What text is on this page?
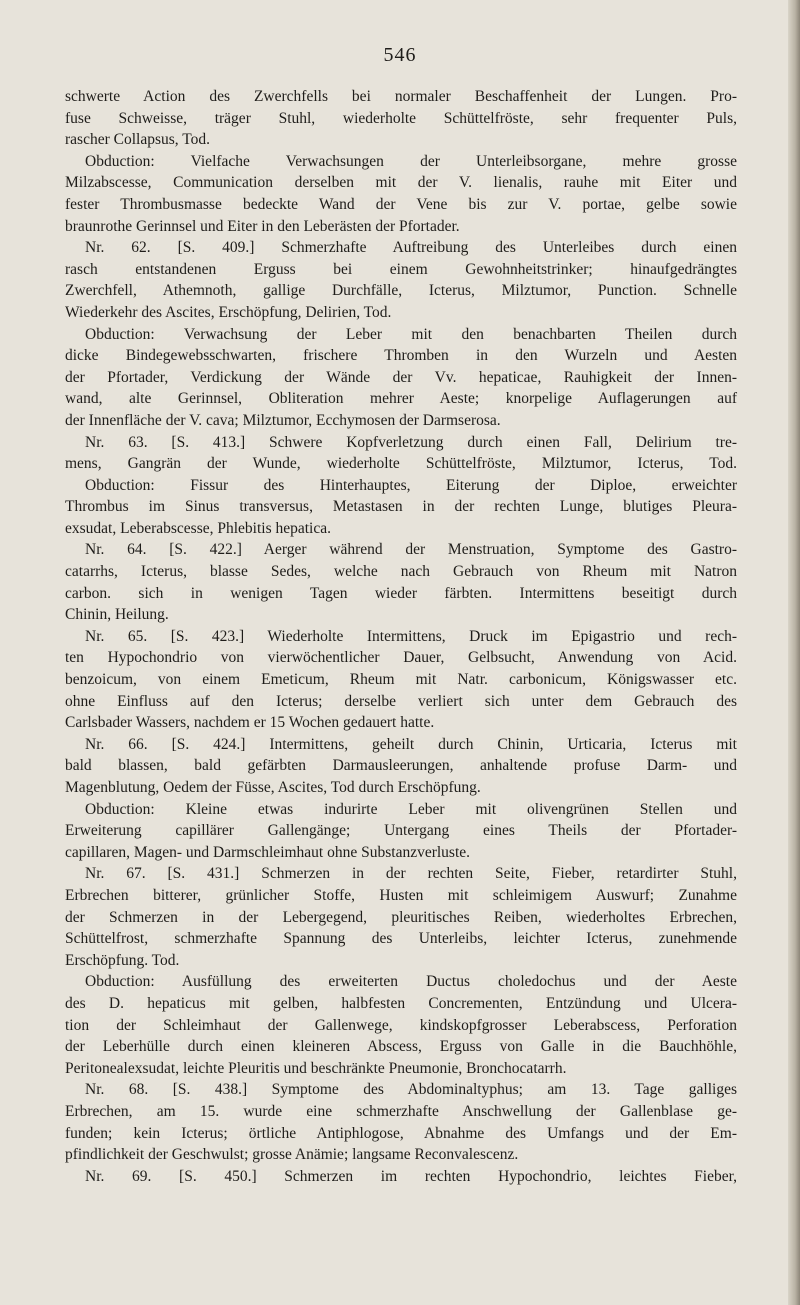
546
schwerte Action des Zwerchfells bei normaler Beschaffenheit der Lungen. Pro-
fuse Schweisse, träger Stuhl, wiederholte Schüttelfröste, sehr frequenter Puls,
rascher Collapsus, Tod.
Obduction: Vielfache Verwachsungen der Unterleibsorgane, mehre grosse
Milzabscesse, Communication derselben mit der V. lienalis, rauhe mit Eiter und
fester Thrombusmasse bedeckte Wand der Vene bis zur V. portae, gelbe sowie
braunrothe Gerinnsel und Eiter in den Leberästen der Pfortader.
Nr. 62. [S. 409.] Schmerzhafte Auftreibung des Unterleibes durch einen
rasch entstandenen Erguss bei einem Gewohnheitstrinker; hinaufgedrängtes
Zwerchfell, Athemnoth, gallige Durchfälle, Icterus, Milztumor, Punction. Schnelle
Wiederkehr des Ascites, Erschöpfung, Delirien, Tod.
Obduction: Verwachsung der Leber mit den benachbarten Theilen durch
dicke Bindegewebsschwarten, frischere Thromben in den Wurzeln und Aesten
der Pfortader, Verdickung der Wände der Vv. hepaticae, Rauhigkeit der Innen-
wand, alte Gerinnsel, Obliteration mehrer Aeste; knorpelige Auflagerungen auf
der Innenfläche der V. cava; Milztumor, Ecchymosen der Darmserosa.
Nr. 63. [S. 413.] Schwere Kopfverletzung durch einen Fall, Delirium tre-
mens, Gangrän der Wunde, wiederholte Schüttelfröste, Milztumor, Icterus, Tod.
Obduction: Fissur des Hinterhauptes, Eiterung der Diploe, erweichter
Thrombus im Sinus transversus, Metastasen in der rechten Lunge, blutiges Pleura-
exsudat, Leberabscesse, Phlebitis hepatica.
Nr. 64. [S. 422.] Aerger während der Menstruation, Symptome des Gastro-
catarrhs, Icterus, blasse Sedes, welche nach Gebrauch von Rheum mit Natron
carbon. sich in wenigen Tagen wieder färbten. Intermittens beseitigt durch
Chinin, Heilung.
Nr. 65. [S. 423.] Wiederholte Intermittens, Druck im Epigastrio und rech-
ten Hypochondrio von vierwöchentlicher Dauer, Gelbsucht, Anwendung von Acid.
benzoicum, von einem Emeticum, Rheum mit Natr. carbonicum, Königswasser etc.
ohne Einfluss auf den Icterus; derselbe verliert sich unter dem Gebrauch des
Carlsbader Wassers, nachdem er 15 Wochen gedauert hatte.
Nr. 66. [S. 424.] Intermittens, geheilt durch Chinin, Urticaria, Icterus mit
bald blassen, bald gefärbten Darmausleerungen, anhaltende profuse Darm- und
Magenblutung, Oedem der Füsse, Ascites, Tod durch Erschöpfung.
Obduction: Kleine etwas indurirte Leber mit olivengrünen Stellen und
Erweiterung capillärer Gallengänge; Untergang eines Theils der Pfortader-
capillaren, Magen- und Darmschleimhaut ohne Substanzverluste.
Nr. 67. [S. 431.] Schmerzen in der rechten Seite, Fieber, retardirter Stuhl,
Erbrechen bitterer, grünlicher Stoffe, Husten mit schleimigem Auswurf; Zunahme
der Schmerzen in der Lebergegend, pleuritisches Reiben, wiederholtes Erbrechen,
Schüttelfrost, schmerzhafte Spannung des Unterleibs, leichter Icterus, zunehmende
Erschöpfung. Tod.
Obduction: Ausfüllung des erweiterten Ductus choledochus und der Aeste
des D. hepaticus mit gelben, halbfesten Concrementen, Entzündung und Ulcera-
tion der Schleimhaut der Gallenwege, kindskopfgrosser Leberabscess, Perforation
der Leberhülle durch einen kleineren Abscess, Erguss von Galle in die Bauchhöhle,
Peritonealexsudat, leichte Pleuritis und beschränkte Pneumonie, Bronchocatarrh.
Nr. 68. [S. 438.] Symptome des Abdominaltyphus; am 13. Tage galliges
Erbrechen, am 15. wurde eine schmerzhafte Anschwellung der Gallenblase ge-
funden; kein Icterus; örtliche Antiphlogose, Abnahme des Umfangs und der Em-
pfindlichkeit der Geschwulst; grosse Anämie; langsame Reconvalescenz.
Nr. 69. [S. 450.] Schmerzen im rechten Hypochondrio, leichtes Fieber,
